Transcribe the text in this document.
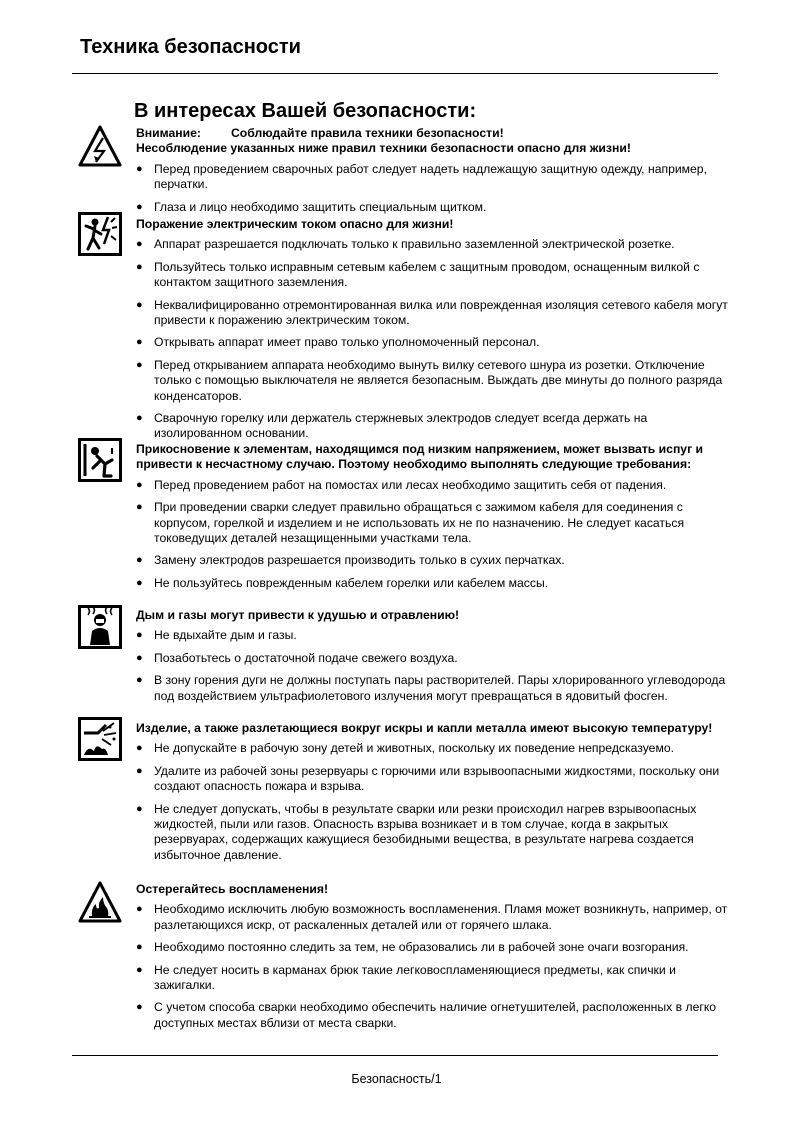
Техника безопасности
В интересах Вашей безопасности:
Внимание: Соблюдайте правила техники безопасности!
Несоблюдение указанных ниже правил техники безопасности опасно для жизни!
● Перед проведением сварочных работ следует надеть надлежащую защитную одежду, например, перчатки.
● Глаза и лицо необходимо защитить специальным щитком.
Поражение электрическим током опасно для жизни!
● Аппарат разрешается подключать только к правильно заземленной электрической розетке.
● Пользуйтесь только исправным сетевым кабелем с защитным проводом, оснащенным вилкой с контактом защитного заземления.
● Неквалифицированно отремонтированная вилка или поврежденная изоляция сетевого кабеля могут привести к поражению электрическим током.
● Открывать аппарат имеет право только уполномоченный персонал.
● Перед открыванием аппарата необходимо вынуть вилку сетевого шнура из розетки. Отключение только с помощью выключателя не является безопасным. Выждать две минуты до полного разряда конденсаторов.
● Сварочную горелку или держатель стержневых электродов следует всегда держать на изолированном основании.
Прикосновение к элементам, находящимся под низким напряжением, может вызвать испуг и привести к несчастному случаю. Поэтому необходимо выполнять следующие требования:
● Перед проведением работ на помостах или лесах необходимо защитить себя от падения.
● При проведении сварки следует правильно обращаться с зажимом кабеля для соединения с корпусом, горелкой и изделием и не использовать их не по назначению. Не следует касаться токоведущих деталей незащищенными участками тела.
● Замену электродов разрешается производить только в сухих перчатках.
● Не пользуйтесь поврежденным кабелем горелки или кабелем массы.
Дым и газы могут привести к удушью и отравлению!
● Не вдыхайте дым и газы.
● Позаботьтесь о достаточной подаче свежего воздуха.
● В зону горения дуги не должны поступать пары растворителей. Пары хлорированного углеводорода под воздействием ультрафиолетового излучения могут превращаться в ядовитый фосген.
Изделие, а также разлетающиеся вокруг искры и капли металла имеют высокую температуру!
● Не допускайте в рабочую зону детей и животных, поскольку их поведение непредсказуемо.
● Удалите из рабочей зоны резервуары с горючими или взрывоопасными жидкостями, поскольку они создают опасность пожара и взрыва.
● Не следует допускать, чтобы в результате сварки или резки происходил нагрев взрывоопасных жидкостей, пыли или газов. Опасность взрыва возникает и в том случае, когда в закрытых резервуарах, содержащих кажущиеся безобидными вещества, в результате нагрева создается избыточное давление.
Остерегайтесь воспламенения!
● Необходимо исключить любую возможность воспламенения. Пламя может возникнуть, например, от разлетающихся искр, от раскаленных деталей или от горячего шлака.
● Необходимо постоянно следить за тем, не образовались ли в рабочей зоне очаги возгорания.
● Не следует носить в карманах брюк такие легковоспламеняющиеся предметы, как спички и зажигалки.
● С учетом способа сварки необходимо обеспечить наличие огнетушителей, расположенных в легко доступных местах вблизи от места сварки.
Безопасность/1
